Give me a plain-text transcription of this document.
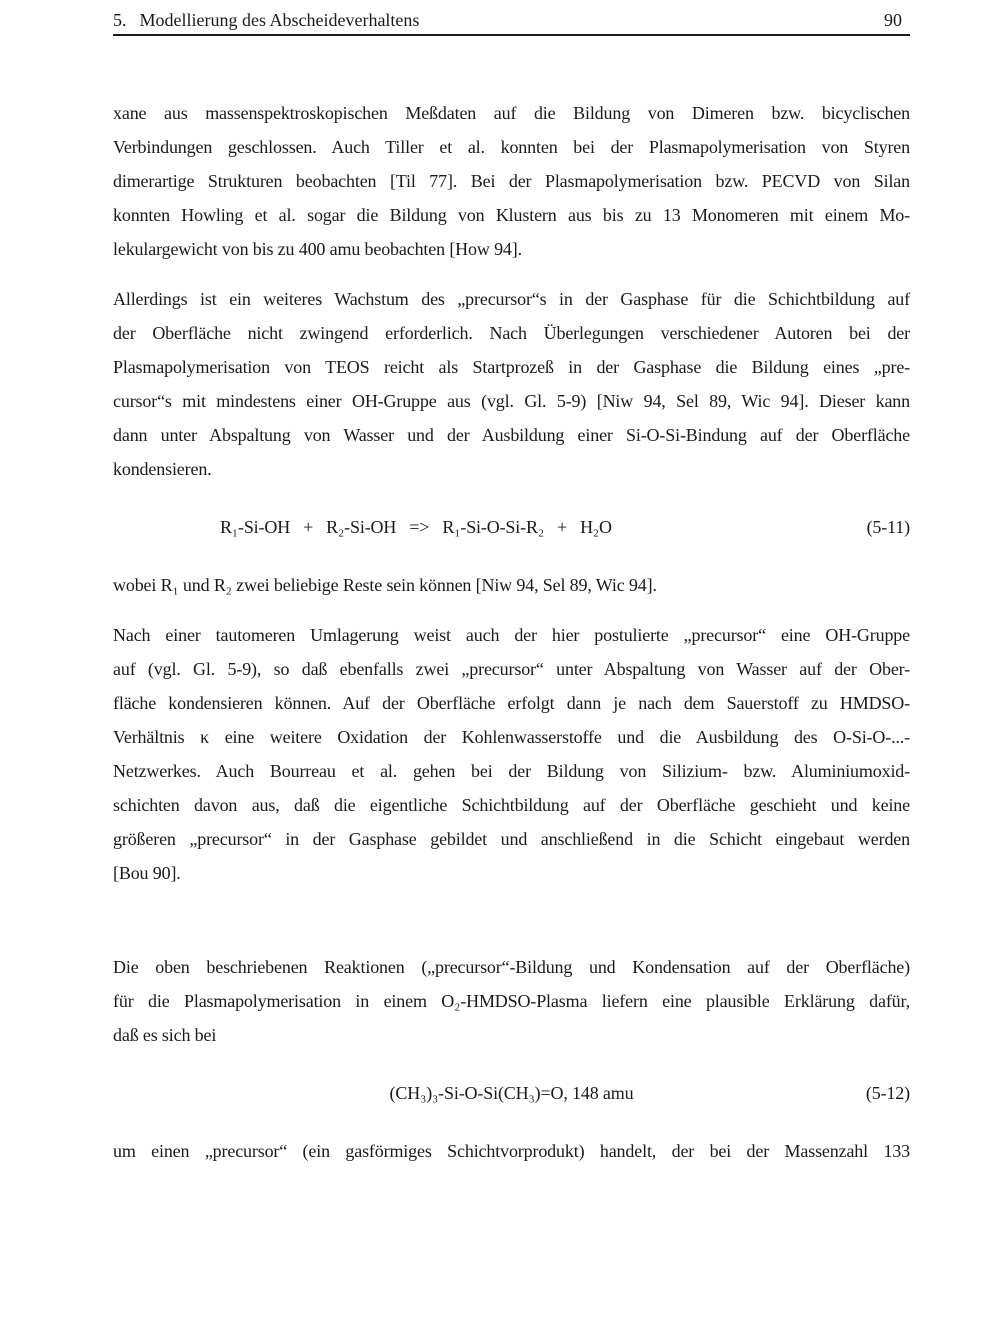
5. Modellierung des Abscheideverhaltens	90
xane aus massenspektroskopischen Meßdaten auf die Bildung von Dimeren bzw. bicyclischen
Verbindungen geschlossen. Auch Tiller et al. konnten bei der Plasmapolymerisation von Styren
dimerartige Strukturen beobachten [Til 77]. Bei der Plasmapolymerisation bzw. PECVD von Silan
konnten Howling et al. sogar die Bildung von Klustern aus bis zu 13 Monomeren mit einem Mo-
lekulargewicht von bis zu 400 amu beobachten [How 94].
Allerdings ist ein weiteres Wachstum des „precursor“s in der Gasphase für die Schichtbildung auf
der Oberfläche nicht zwingend erforderlich. Nach Überlegungen verschiedener Autoren bei der
Plasmapolymerisation von TEOS reicht als Startprozeß in der Gasphase die Bildung eines „pre-
cursor“s mit mindestens einer OH-Gruppe aus (vgl. Gl. 5-9) [Niw 94, Sel 89, Wic 94]. Dieser kann
dann unter Abspaltung von Wasser und der Ausbildung einer Si-O-Si-Bindung auf der Oberfläche
kondensieren.
R₁-Si-OH   +   R₂-Si-OH   =>   R₁-Si-O-Si-R₂   +   H₂O	(5-11)
wobei R₁ und R₂ zwei beliebige Reste sein können [Niw 94, Sel 89, Wic 94].
Nach einer tautomeren Umlagerung weist auch der hier postulierte „precursor“ eine OH-Gruppe
auf (vgl. Gl. 5-9), so daß ebenfalls zwei „precursor“ unter Abspaltung von Wasser auf der Ober-
fläche kondensieren können. Auf der Oberfläche erfolgt dann je nach dem Sauerstoff zu HMDSO-
Verhältnis κ eine weitere Oxidation der Kohlenwasserstoffe und die Ausbildung des O-Si-O-...-
Netzwerkes. Auch Bourreau et al. gehen bei der Bildung von Silizium- bzw. Aluminiumoxid-
schichten davon aus, daß die eigentliche Schichtbildung auf der Oberfläche geschieht und keine
größeren „precursor“ in der Gasphase gebildet und anschließend in die Schicht eingebaut werden
[Bou 90].
Die oben beschriebenen Reaktionen („precursor“-Bildung und Kondensation auf der Oberfläche)
für die Plasmapolymerisation in einem O₂-HMDSO-Plasma liefern eine plausible Erklärung dafür,
daß es sich bei
(CH₃)₃-Si-O-Si(CH₃)=O, 148 amu	(5-12)
um einen „precursor“ (ein gasförmiges Schichtvorprodukt) handelt, der bei der Massenzahl 133
